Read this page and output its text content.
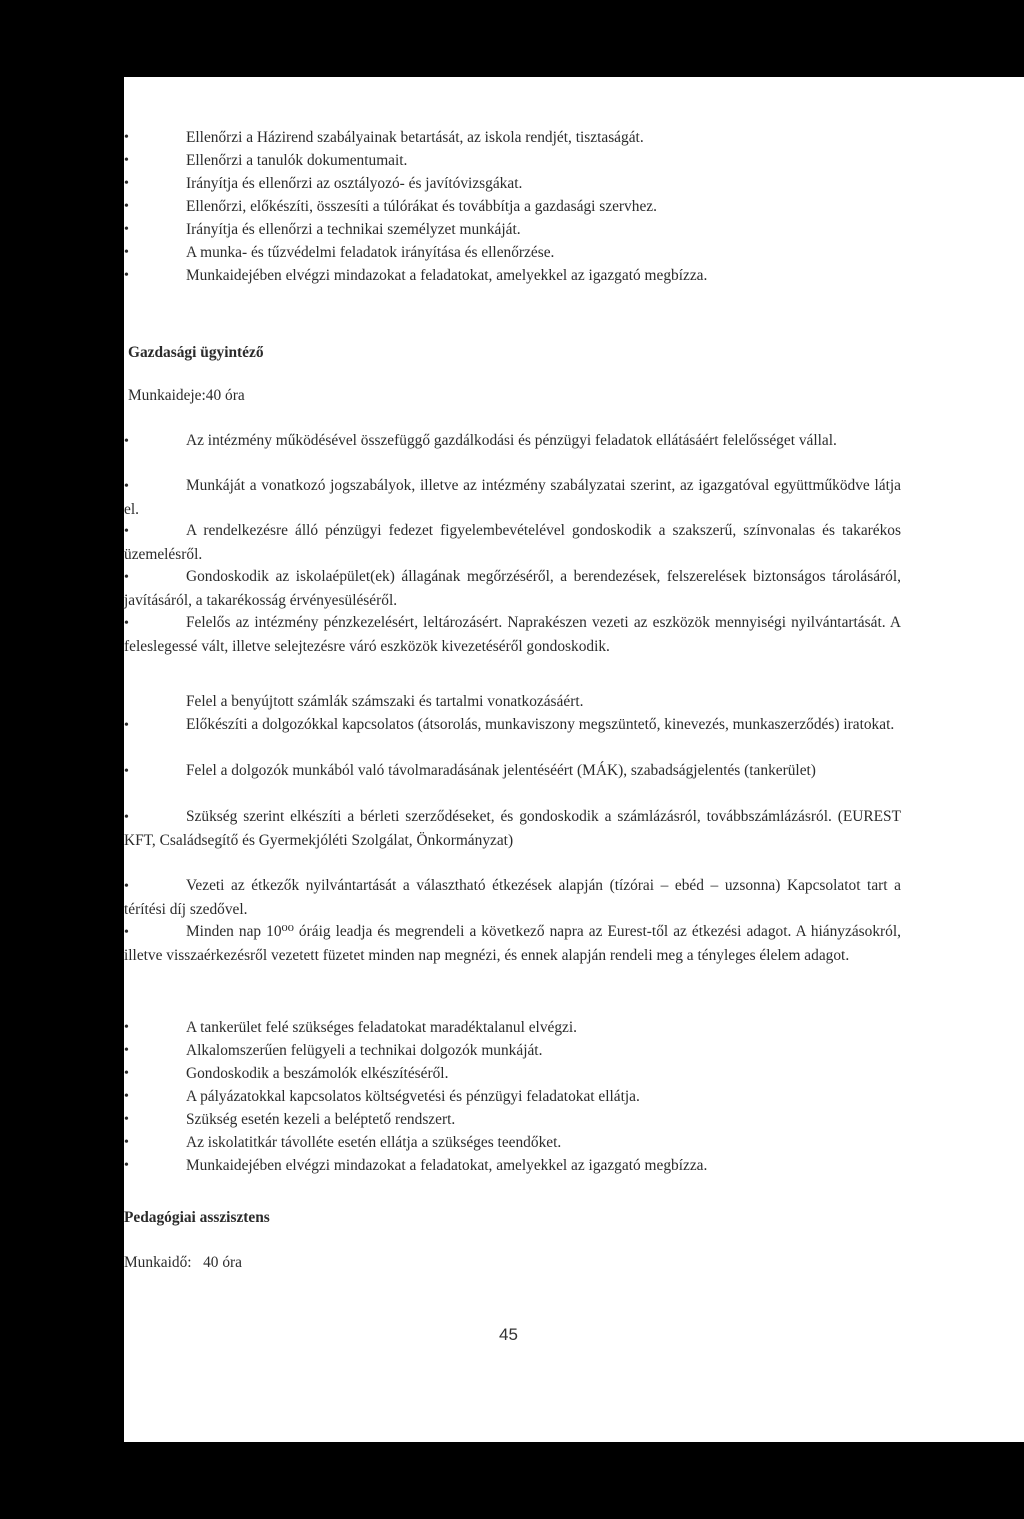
•	Ellenőrzi a Házirend szabályainak betartását, az iskola rendjét, tisztaságát.
•	Ellenőrzi a tanulók dokumentumait.
•	Irányítja és ellenőrzi az osztályozó- és javítóvizsgákat.
•	Ellenőrzi, előkészíti, összesíti a túlórákat és továbbítja a gazdasági szervhez.
•	Irányítja és ellenőrzi a technikai személyzet munkáját.
•	A munka- és tűzvédelmi feladatok irányítása és ellenőrzése.
•	Munkaidejében elvégzi mindazokat a feladatokat, amelyekkel az igazgató megbízza.
Gazdasági ügyintéző
Munkaideje:40 óra
•	Az intézmény működésével összefüggő gazdálkodási és pénzügyi feladatok ellátásáért felelősséget vállal.
•	Munkáját a vonatkozó jogszabályok, illetve az intézmény szabályzatai szerint, az igazgatóval együttműködve látja el.
•	A rendelkezésre álló pénzügyi fedezet figyelembevételével gondoskodik a szakszerű, színvonalas és takarékos üzemelésről.
•	Gondoskodik az iskolaépület(ek) állagának megőrzéséről, a berendezések, felszerelések biztonságos tárolásáról, javításáról, a takarékosság érvényesüléséről.
•	Felelős az intézmény pénzkezelésért, leltározásért. Naprakészen vezeti az eszközök mennyiségi nyilvántartását. A feleslegessé vált, illetve selejtezésre váró eszközök kivezetéséről gondoskodik.
Felel a benyújtott számlák számszaki és tartalmi vonatkozásáért.
•	Előkészíti a dolgozókkal kapcsolatos (átsorolás, munkaviszony megszüntető, kinevezés, munkaszerződés) iratokat.
•	Felel a dolgozók munkából való távolmaradásának jelentéséért (MÁK), szabadságjelentés (tankerület)
•	Szükség szerint elkészíti a bérleti szerződéseket, és gondoskodik a számlázásról, továbbszámlázásról. (EUREST KFT, Családsegítő és Gyermekjóléti Szolgálat, Önkormányzat)
•	Vezeti az étkezők nyilvántartását a választható étkezések alapján (tízórai – ebéd – uzsonna) Kapcsolatot tart a térítési díj szedővel.
•	Minden nap 10⁰⁰ óráig leadja és megrendeli a következő napra az Eurest-től az étkezési adagot. A hiányzásokról, illetve visszaérkezésről vezetett füzetet minden nap megnézi, és ennek alapján rendeli meg a tényleges élelem adagot.
•	A tankerület felé szükséges feladatokat maradéktalanul elvégzi.
•	Alkalomszerűen felügyeli a technikai dolgozók munkáját.
•	Gondoskodik a beszámolók elkészítéséről.
•	A pályázatokkal kapcsolatos költségvetési és pénzügyi feladatokat ellátja.
•	Szükség esetén kezeli a beléptető rendszert.
•	Az iskolatitkár távolléte esetén ellátja a szükséges teendőket.
•	Munkaidejében elvégzi mindazokat a feladatokat, amelyekkel az igazgató megbízza.
Pedagógiai asszisztens
Munkaidő:   40 óra
45
